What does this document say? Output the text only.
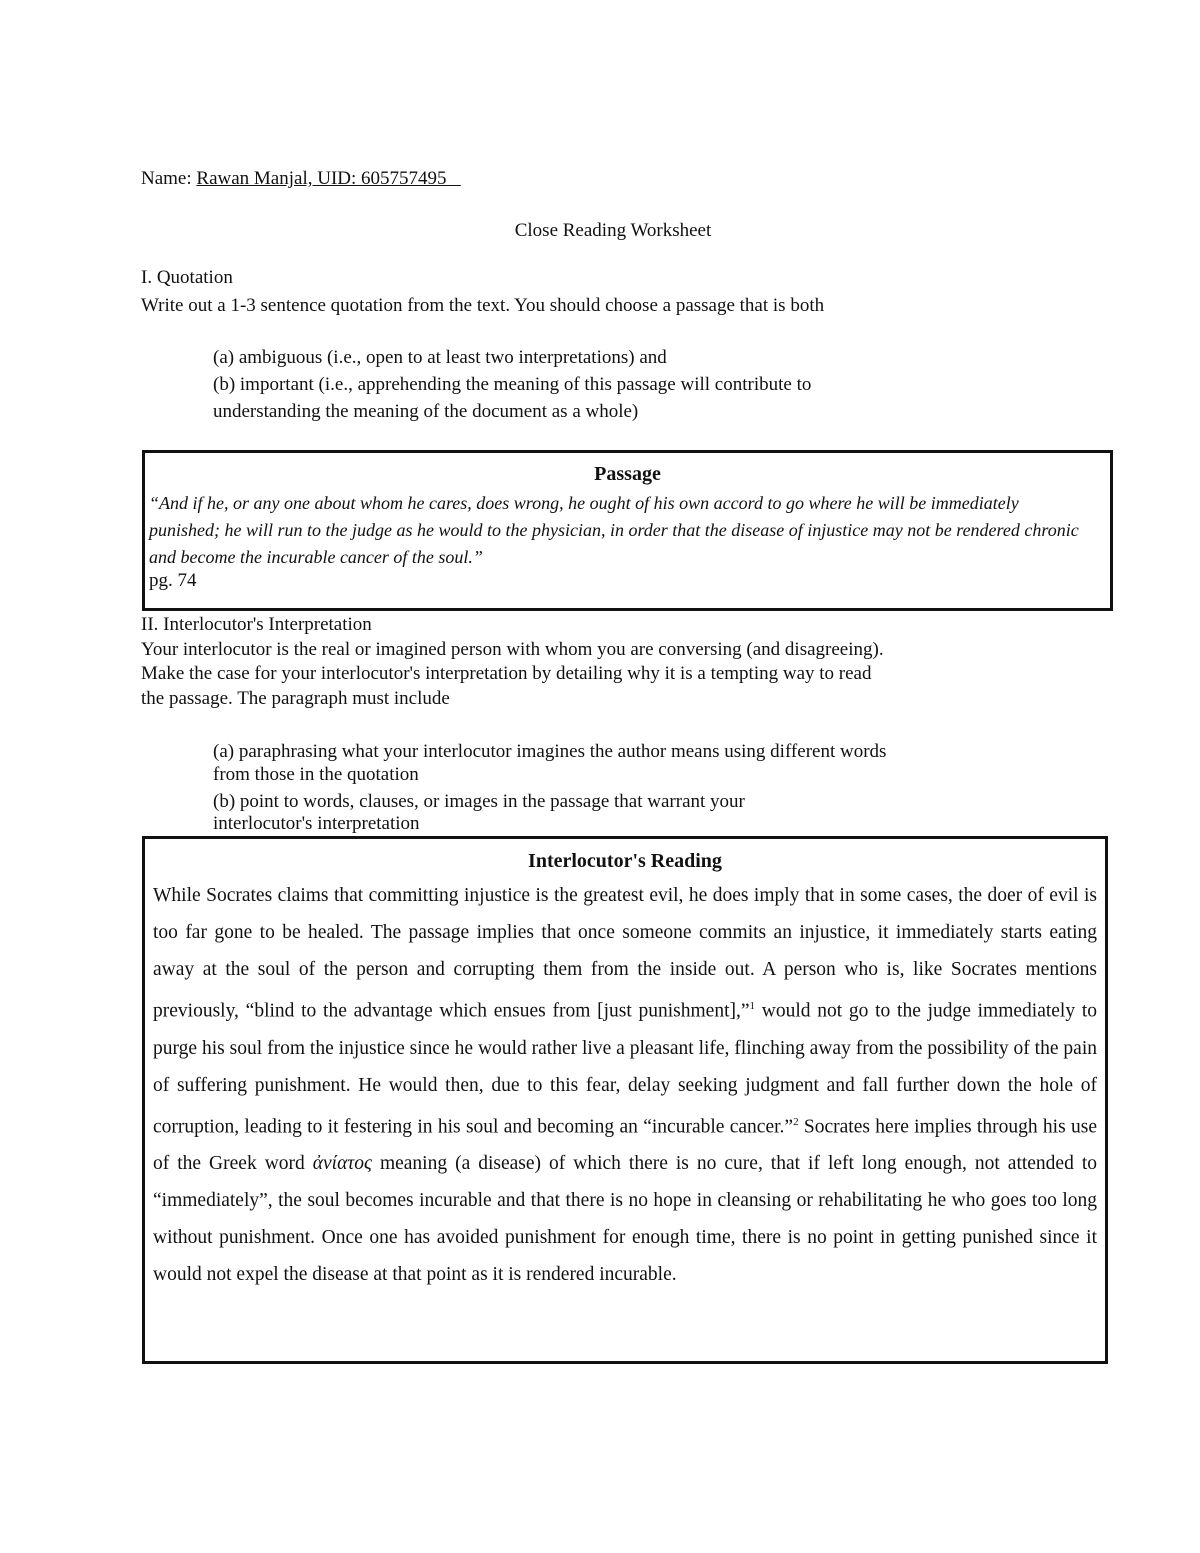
Name: Rawan Manjal, UID: 605757495
Close Reading Worksheet
I. Quotation
Write out a 1-3 sentence quotation from the text. You should choose a passage that is both
(a) ambiguous (i.e., open to at least two interpretations) and
(b) important (i.e., apprehending the meaning of this passage will contribute to
understanding the meaning of the document as a whole)
Passage
“And if he, or any one about whom he cares, does wrong, he ought of his own accord to go where he will be immediately punished; he will run to the judge as he would to the physician, in order that the disease of injustice may not be rendered chronic and become the incurable cancer of the soul.”
pg. 74
II. Interlocutor's Interpretation
Your interlocutor is the real or imagined person with whom you are conversing (and disagreeing).
Make the case for your interlocutor's interpretation by detailing why it is a tempting way to read
the passage. The paragraph must include
(a) paraphrasing what your interlocutor imagines the author means using different words
from those in the quotation
(b) point to words, clauses, or images in the passage that warrant your
interlocutor's interpretation
Interlocutor's Reading
While Socrates claims that committing injustice is the greatest evil, he does imply that in some cases, the doer of evil is too far gone to be healed. The passage implies that once someone commits an injustice, it immediately starts eating away at the soul of the person and corrupting them from the inside out. A person who is, like Socrates mentions previously, “blind to the advantage which ensues from [just punishment],”$^1$ would not go to the judge immediately to purge his soul from the injustice since he would rather live a pleasant life, flinching away from the possibility of the pain of suffering punishment. He would then, due to this fear, delay seeking judgment and fall further down the hole of corruption, leading to it festering in his soul and becoming an “incurable cancer.”$^2$ Socrates here implies through his use of the Greek word ἀνίατος meaning (a disease) of which there is no cure, that if left long enough, not attended to “immediately”, the soul becomes incurable and that there is no hope in cleansing or rehabilitating he who goes too long without punishment. Once one has avoided punishment for enough time, there is no point in getting punished since it would not expel the disease at that point as it is rendered incurable.
